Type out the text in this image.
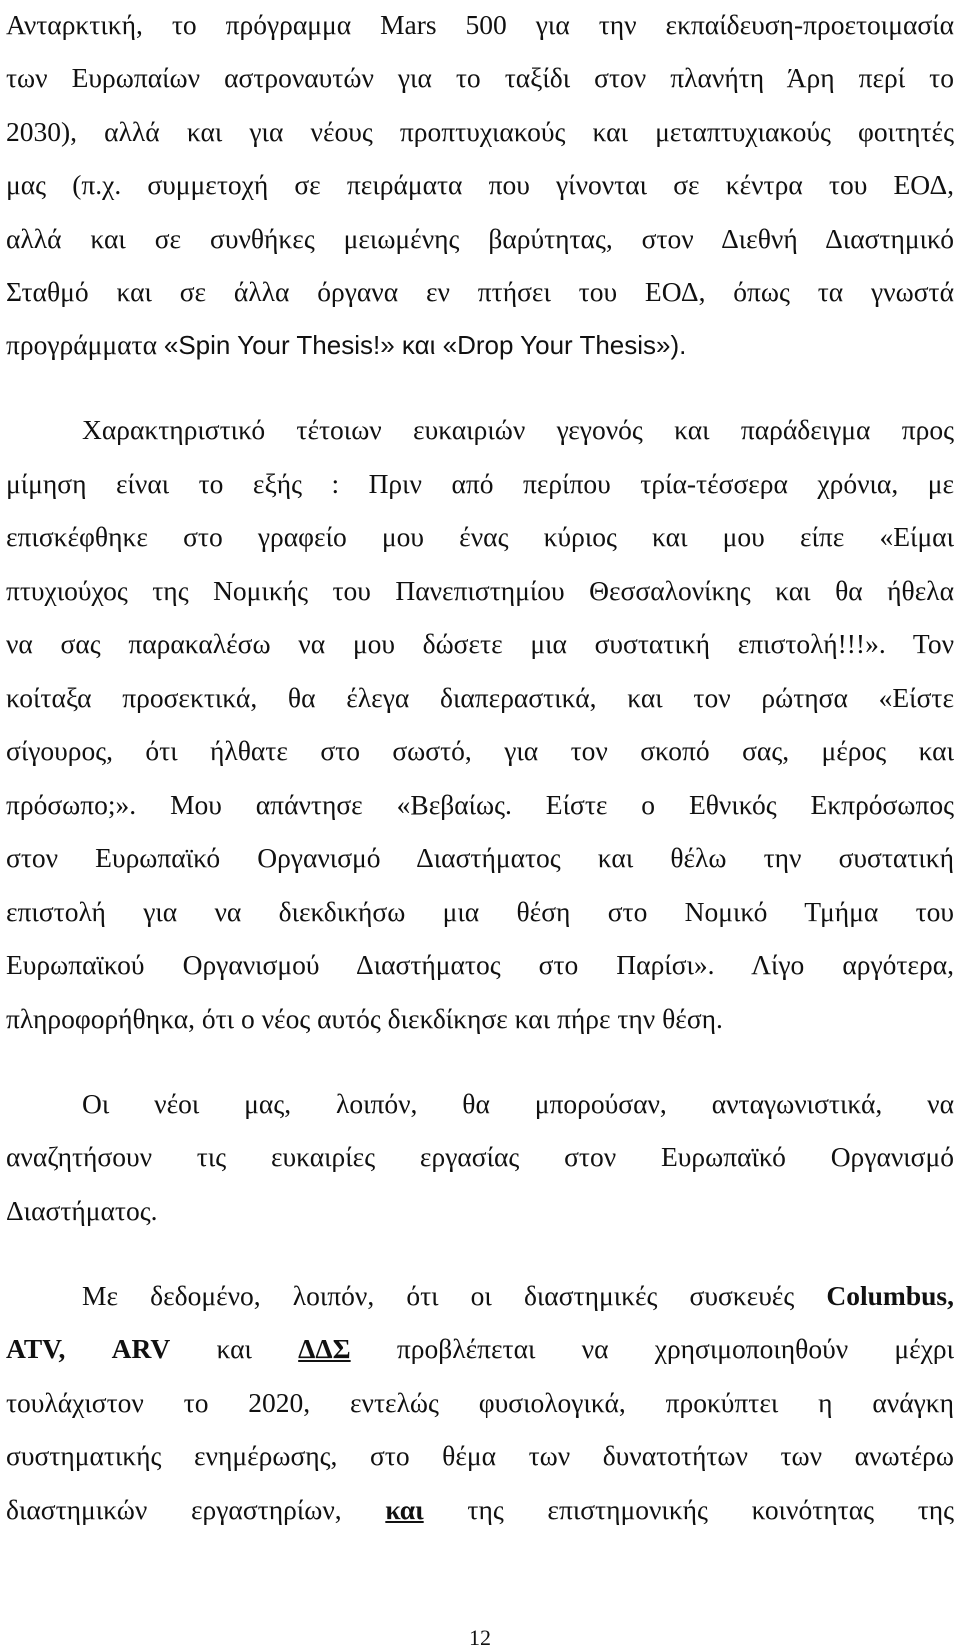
Ανταρκτική, το πρόγραμμα Mars 500 για την εκπαίδευση-προετοιμασία
των Ευρωπαίων αστροναυτών για το ταξίδι στον πλανήτη Άρη περί το
2030), αλλά και για νέους προπτυχιακούς και μεταπτυχιακούς φοιτητές
μας (π.χ. συμμετοχή σε πειράματα που γίνονται σε κέντρα του ΕΟΔ,
αλλά και σε συνθήκες μειωμένης βαρύτητας, στον Διεθνή Διαστημικό
Σταθμό και σε άλλα όργανα εν πτήσει του ΕΟΔ, όπως τα γνωστά
προγράμματα «Spin Your Thesis!» και «Drop Your Thesis»).
Χαρακτηριστικό τέτοιων ευκαιριών γεγονός και παράδειγμα προς
μίμηση είναι το εξής : Πριν από περίπου τρία-τέσσερα χρόνια, με
επισκέφθηκε στο γραφείο μου ένας κύριος και μου είπε «Είμαι
πτυχιούχος της Νομικής του Πανεπιστημίου Θεσσαλονίκης και θα ήθελα
να σας παρακαλέσω να μου δώσετε μια συστατική επιστολή!!!». Τον
κοίταξα προσεκτικά, θα έλεγα διαπεραστικά, και τον ρώτησα «Είστε
σίγουρος, ότι ήλθατε στο σωστό, για τον σκοπό σας, μέρος και
πρόσωπο;». Μου απάντησε «Βεβαίως. Είστε ο Εθνικός Εκπρόσωπος
στον Ευρωπαϊκό Οργανισμό Διαστήματος και θέλω την συστατική
επιστολή για να διεκδικήσω μια θέση στο Νομικό Τμήμα του
Ευρωπαϊκού Οργανισμού Διαστήματος στο Παρίσι». Λίγο αργότερα,
πληροφορήθηκα, ότι ο νέος αυτός διεκδίκησε και πήρε την θέση.
Οι νέοι μας, λοιπόν, θα μπορούσαν, ανταγωνιστικά, να
αναζητήσουν τις ευκαιρίες εργασίας στον Ευρωπαϊκό Οργανισμό
Διαστήματος.
Με δεδομένο, λοιπόν, ότι οι διαστημικές συσκευές Columbus,
ATV, ARV και ΔΔΣ προβλέπεται να χρησιμοποιηθούν μέχρι
τουλάχιστον το 2020, εντελώς φυσιολογικά, προκύπτει η ανάγκη
συστηματικής ενημέρωσης, στο θέμα των δυνατοτήτων των ανωτέρω
διαστημικών εργαστηρίων, και της επιστημονικής κοινότητας της
12
